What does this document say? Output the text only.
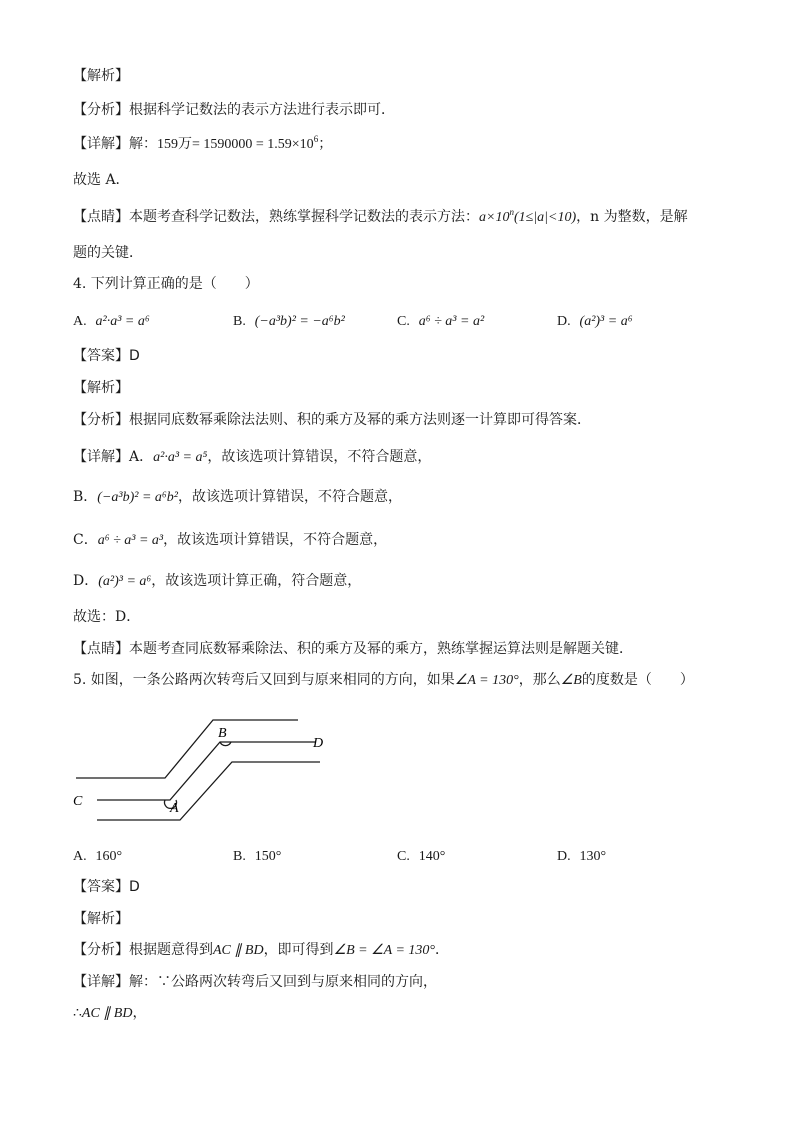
【解析】
【分析】根据科学记数法的表示方法进行表示即可．
【详解】解：159万= $1590000 = 1.59\times 10^6$；
故选 A．
【点睛】本题考查科学记数法，熟练掌握科学记数法的表示方法：$a\times 10^n(1\le|a|<10)$，n 为整数，是解
题的关键．
4. 下列计算正确的是（　　）
A. a²·a³ = a⁶	B. (−a³b)² = −a⁶b²	C. a⁶ ÷ a³ = a²	D. (a²)³ = a⁶
【答案】D
【解析】
【分析】根据同底数幂乘除法法则、积的乘方及幂的乘方法则逐一计算即可得答案．
【详解】A．a²·a³ = a⁵，故该选项计算错误，不符合题意，
B．(−a³b)² = a⁶b²，故该选项计算错误，不符合题意，
C．a⁶ ÷ a³ = a³，故该选项计算错误，不符合题意，
D．(a²)³ = a⁶，故该选项计算正确，符合题意，
故选：D．
【点睛】本题考查同底数幂乘除法、积的乘方及幂的乘方，熟练掌握运算法则是解题关键．
5. 如图，一条公路两次转弯后又回到与原来相同的方向，如果∠A = 130°，那么∠B的度数是（　　）
C	A
B
D
A. 160°	B. 150°	C. 140°	D. 130°
【答案】D
【解析】
【分析】根据题意得到AC ∥ BD，即可得到∠B = ∠A = 130°．
【详解】解：∵公路两次转弯后又回到与原来相同的方向，
∴AC ∥ BD，
